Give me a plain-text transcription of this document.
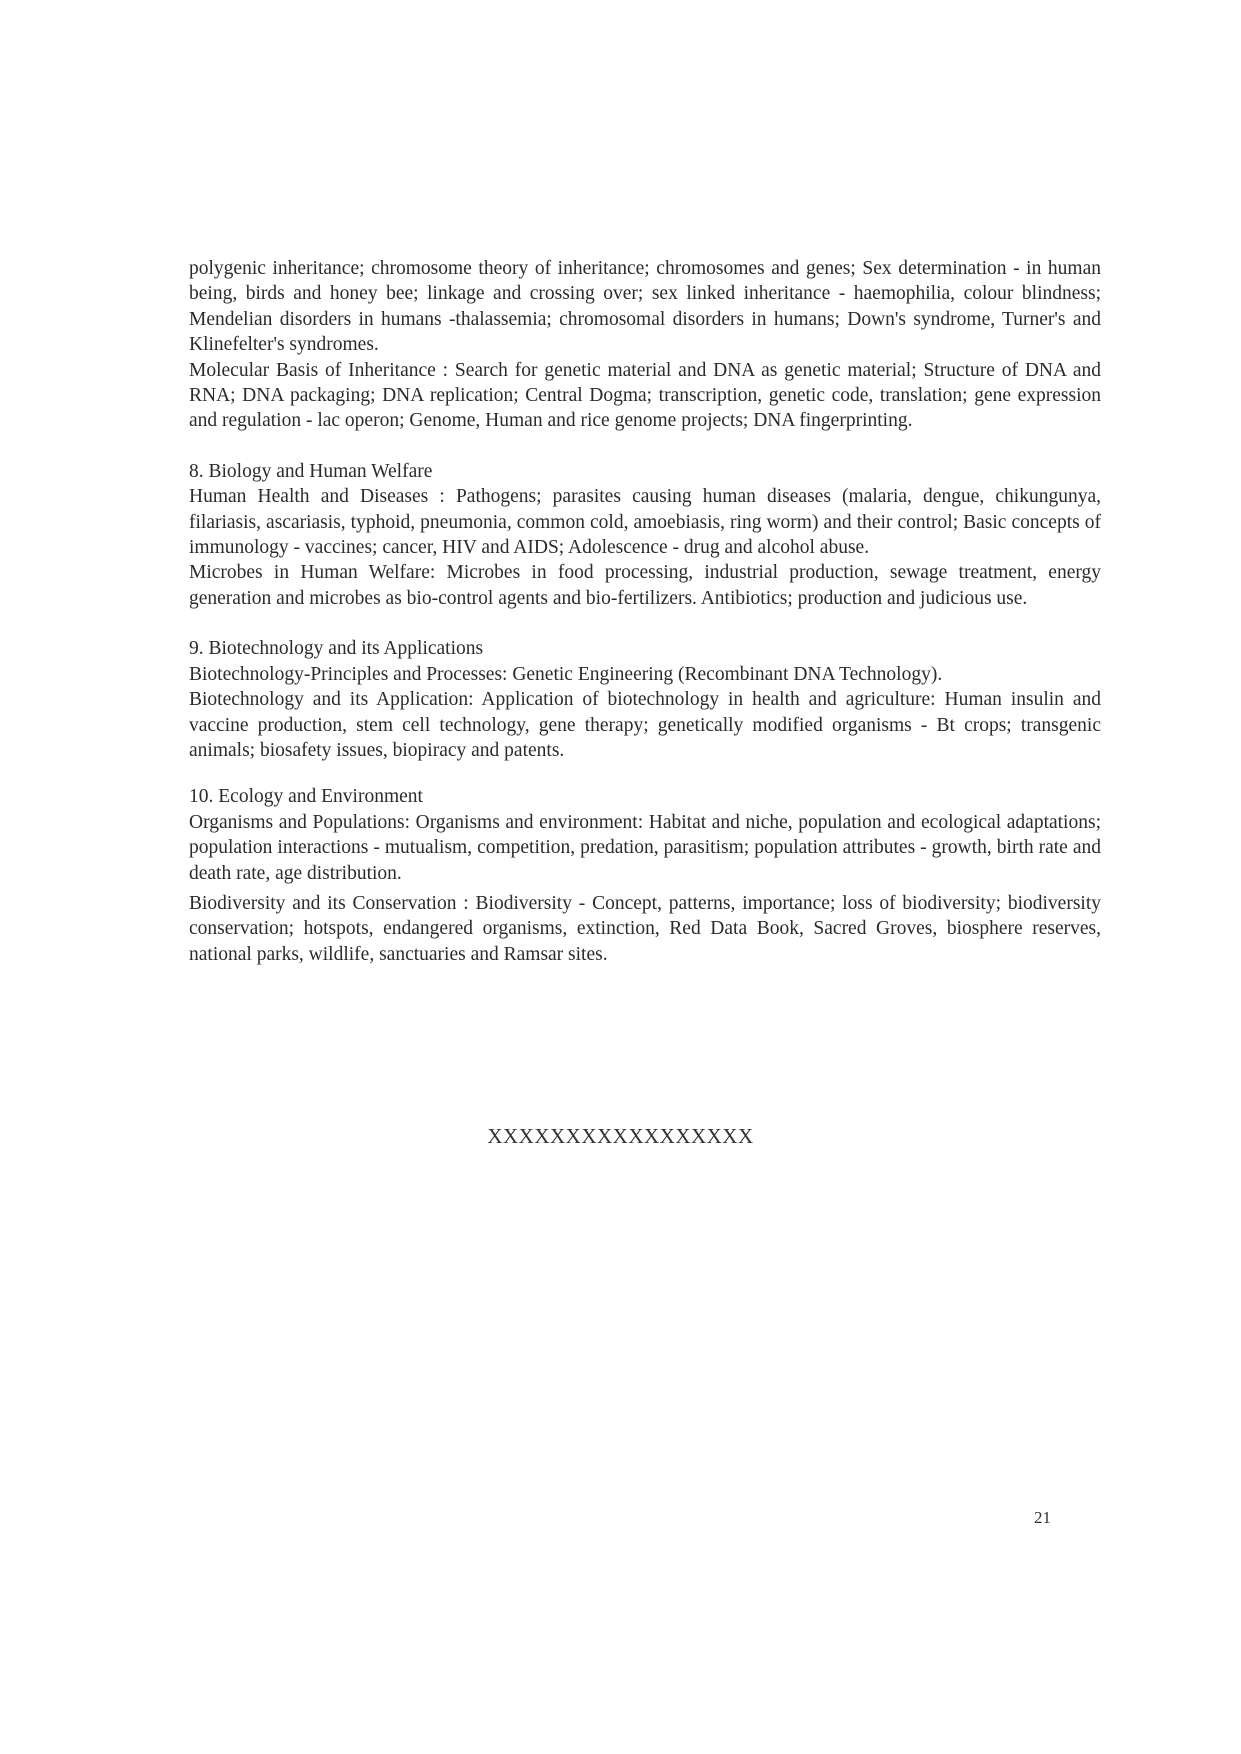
polygenic inheritance; chromosome theory of inheritance; chromosomes and genes; Sex determination - in human being, birds and honey bee; linkage and crossing over; sex linked inheritance - haemophilia, colour blindness; Mendelian disorders in humans -thalassemia; chromosomal disorders in humans; Down's syndrome, Turner's and Klinefelter's syndromes.

Molecular Basis of Inheritance : Search for genetic material and DNA as genetic material; Structure of DNA and RNA; DNA packaging; DNA replication; Central Dogma; transcription, genetic code, translation; gene expression and regulation - lac operon; Genome, Human and rice genome projects; DNA fingerprinting.

8. Biology and Human Welfare

Human Health and Diseases : Pathogens; parasites causing human diseases (malaria, dengue, chikungunya, filariasis, ascariasis, typhoid, pneumonia, common cold, amoebiasis, ring worm) and their control; Basic concepts of immunology - vaccines; cancer, HIV and AIDS; Adolescence - drug and alcohol abuse.

Microbes in Human Welfare: Microbes in food processing, industrial production, sewage treatment, energy generation and microbes as bio-control agents and bio-fertilizers. Antibiotics; production and judicious use.

9. Biotechnology and its Applications

Biotechnology-Principles and Processes: Genetic Engineering (Recombinant DNA Technology).

Biotechnology and its Application: Application of biotechnology in health and agriculture: Human insulin and vaccine production, stem cell technology, gene therapy; genetically modified organisms - Bt crops; transgenic animals; biosafety issues, biopiracy and patents.

10. Ecology and Environment

Organisms and Populations: Organisms and environment: Habitat and niche, population and ecological adaptations; population interactions - mutualism, competition, predation, parasitism; population attributes - growth, birth rate and death rate, age distribution.

Biodiversity and its Conservation : Biodiversity - Concept, patterns, importance; loss of biodiversity; biodiversity conservation; hotspots, endangered organisms, extinction, Red Data Book, Sacred Groves, biosphere reserves, national parks, wildlife, sanctuaries and Ramsar sites.

XXXXXXXXXXXXXXXXX
21
